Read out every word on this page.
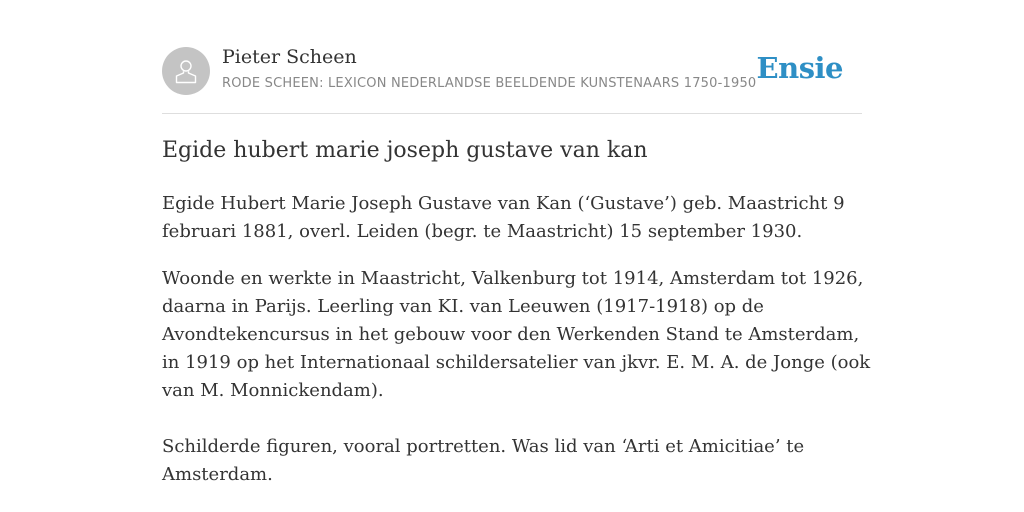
Pieter Scheen
RODE SCHEEN: LEXICON NEDERLANDSE BEELDENDE KUNSTENAARS 1750-1950 Ensie
Egide hubert marie joseph gustave van kan

Egide Hubert Marie Joseph Gustave van Kan (‘Gustave’) geb. Maastricht 9 februari 1881, overl. Leiden (begr. te Maastricht) 15 september 1930.

Woonde en werkte in Maastricht, Valkenburg tot 1914, Amsterdam tot 1926, daarna in Parijs. Leerling van KI. van Leeuwen (1917-1918) op de Avondtekencursus in het gebouw voor den Werkenden Stand te Amsterdam, in 1919 op het Internationaal schildersatelier van jkvr. E. M. A. de Jonge (ook van M. Monnickendam).

Schilderde figuren, vooral portretten. Was lid van ‘Arti et Amicitiae’ te Amsterdam.
